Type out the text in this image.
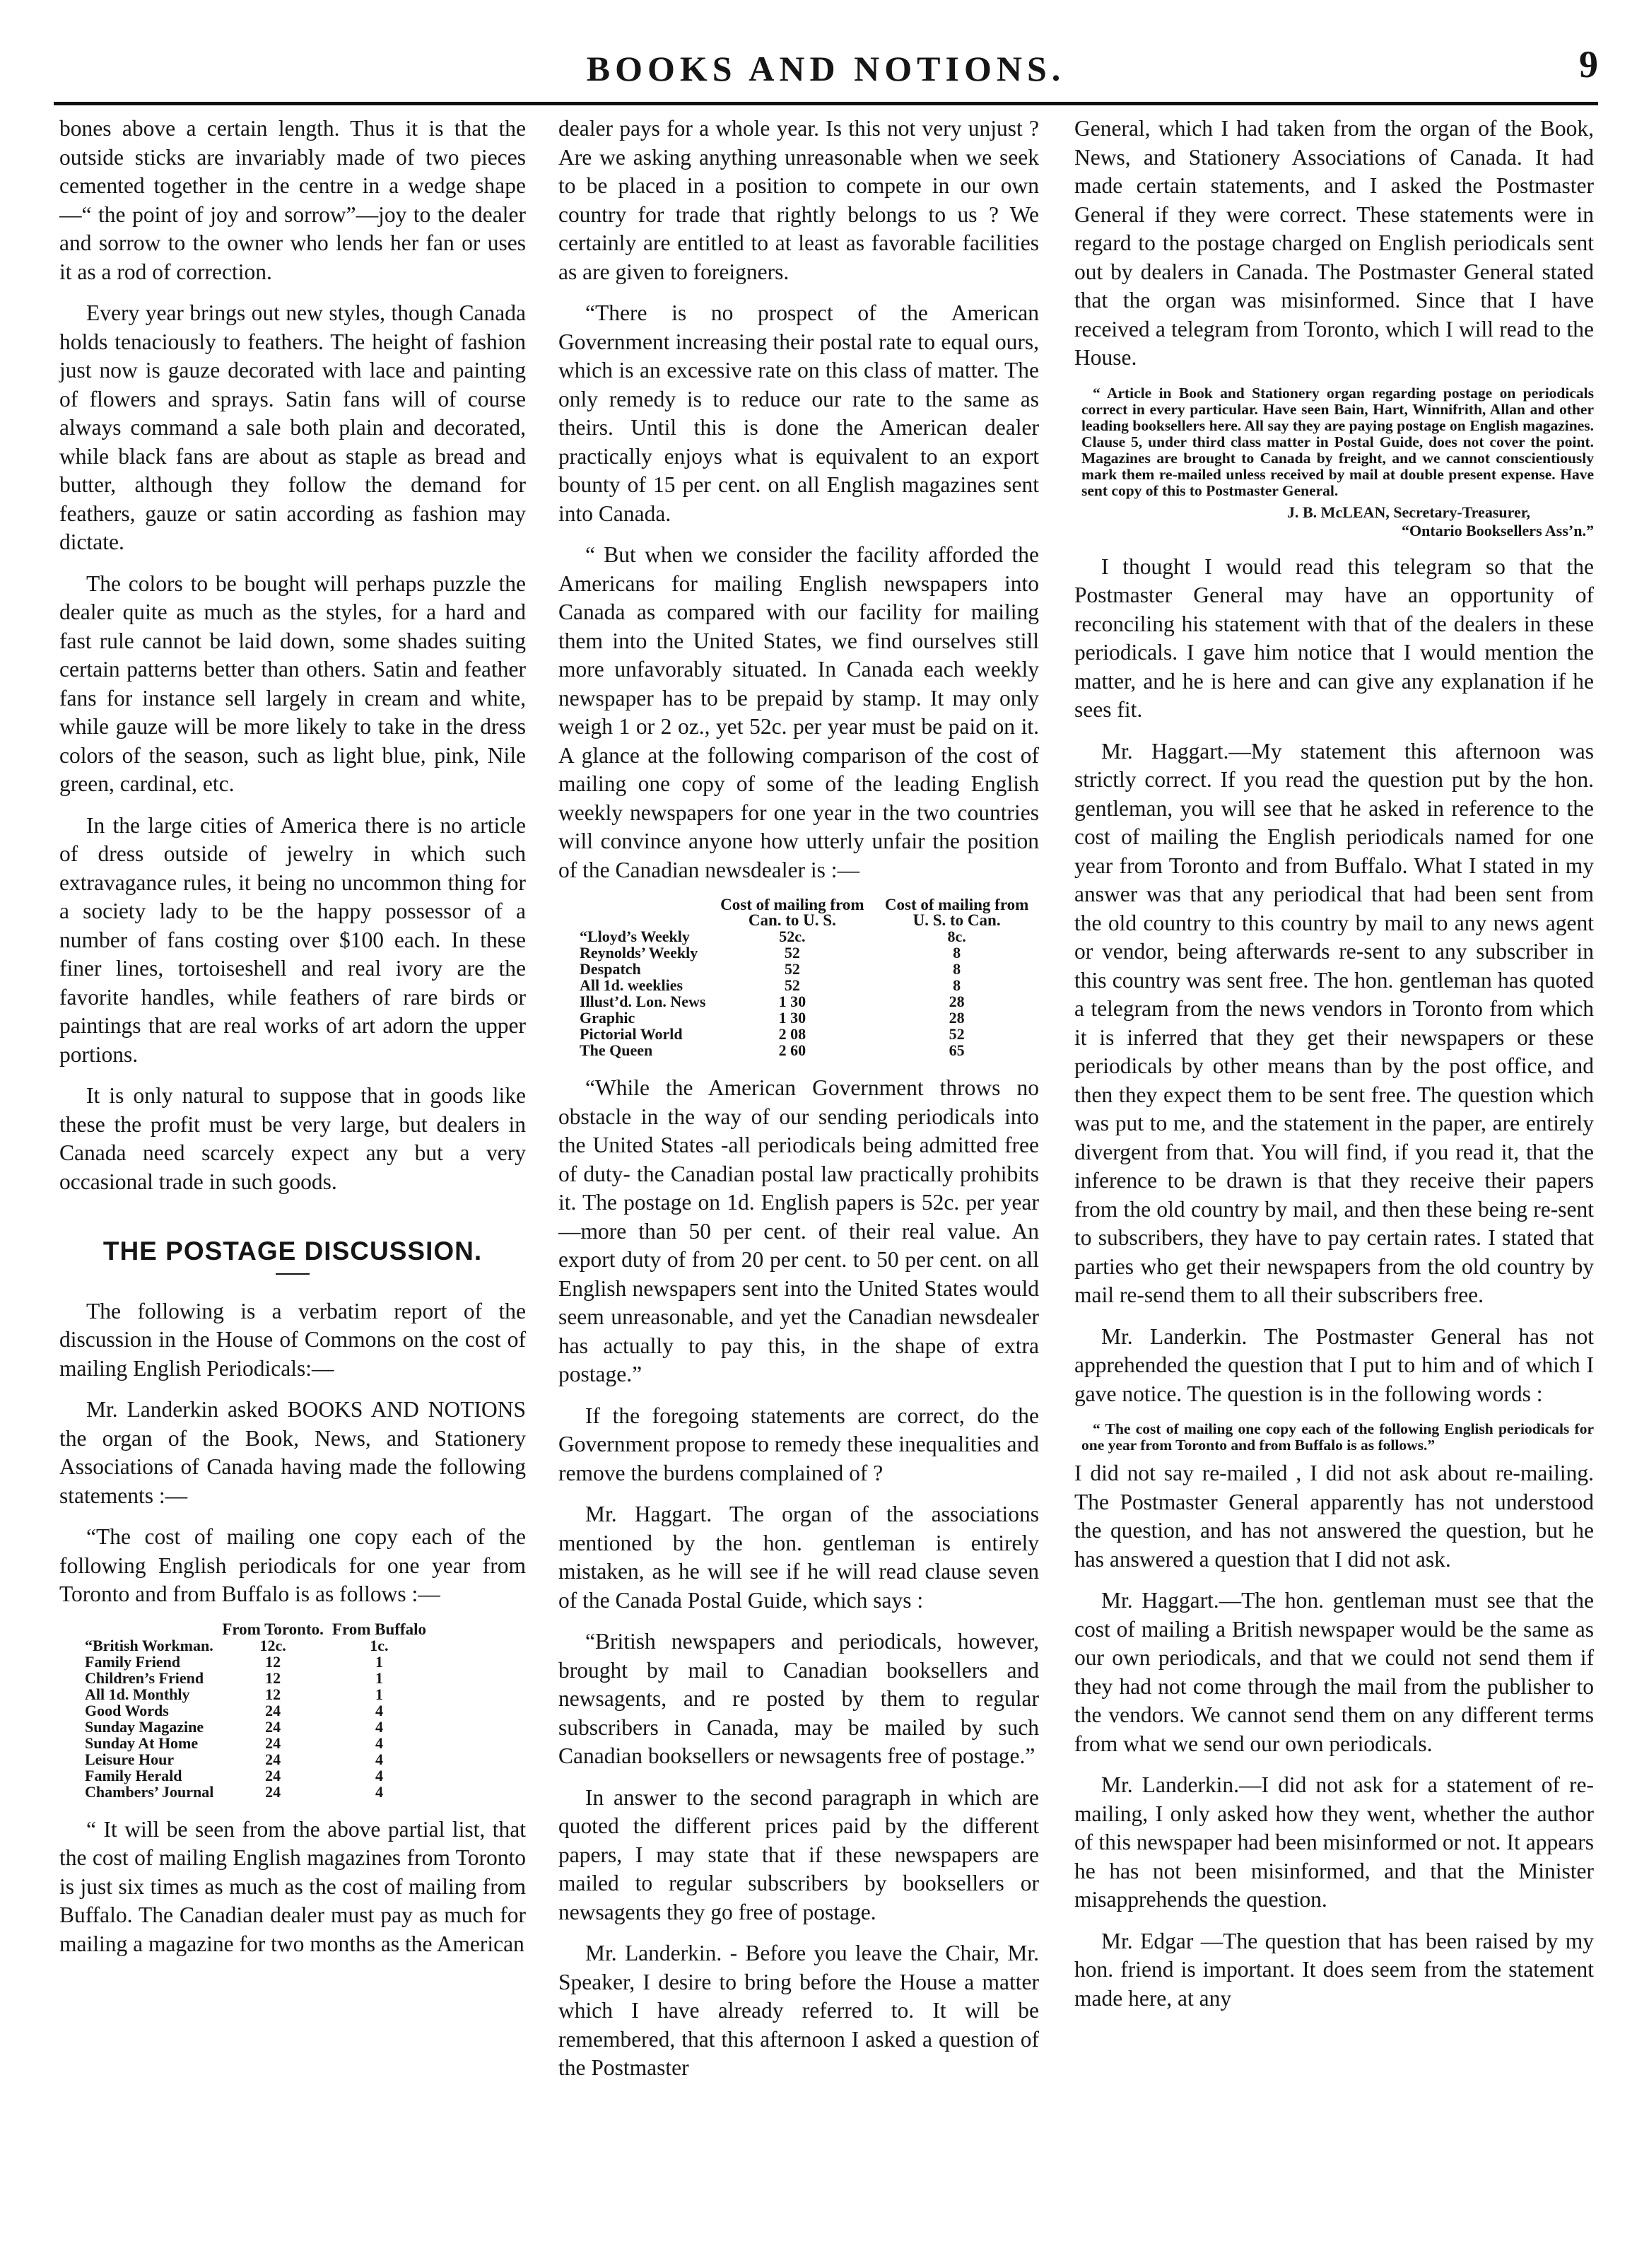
BOOKS AND NOTIONS.	9

bones above a certain length. Thus it is that the outside sticks are invariably made of two pieces cemented together in the centre in a wedge shape—“ the point of joy and sorrow”—joy to the dealer and sorrow to the owner who lends her fan or uses it as a rod of correction.

Every year brings out new styles, though Canada holds tenaciously to feathers. The height of fashion just now is gauze decorated with lace and painting of flowers and sprays. Satin fans will of course always command a sale both plain and decorated, while black fans are about as staple as bread and butter, although they follow the demand for feathers, gauze or satin according as fashion may dictate.

The colors to be bought will perhaps puzzle the dealer quite as much as the styles, for a hard and fast rule cannot be laid down, some shades suiting certain patterns better than others. Satin and feather fans for instance sell largely in cream and white, while gauze will be more likely to take in the dress colors of the season, such as light blue, pink, Nile green, cardinal, etc.

In the large cities of America there is no article of dress outside of jewelry in which such extravagance rules, it being no uncommon thing for a society lady to be the happy possessor of a number of fans costing over $100 each. In these finer lines, tortoiseshell and real ivory are the favorite handles, while feathers of rare birds or paintings that are real works of art adorn the upper portions.

It is only natural to suppose that in goods like these the profit must be very large, but dealers in Canada need scarcely expect any but a very occasional trade in such goods.

THE POSTAGE DISCUSSION.

The following is a verbatim report of the discussion in the House of Commons on the cost of mailing English Periodicals:—

Mr. Landerkin asked BOOKS AND NOTIONS the organ of the Book, News, and Stationery Associations of Canada having made the following statements :—

“The cost of mailing one copy each of the following English periodicals for one year from Toronto and from Buffalo is as follows :—

	From Toronto.	From Buffalo
“British Workman.	12c.	1c.
Family Friend	12	1
Children’s Friend	12	1
All 1d. Monthly	12	1
Good Words	24	4
Sunday Magazine	24	4
Sunday At Home	24	4
Leisure Hour	24	4
Family Herald	24	4
Chambers’ Journal	24	4

“ It will be seen from the above partial list, that the cost of mailing English magazines from Toronto is just six times as much as the cost of mailing from Buffalo. The Canadian dealer must pay as much for mailing a magazine for two months as the American

dealer pays for a whole year. Is this not very unjust ? Are we asking anything unreasonable when we seek to be placed in a position to compete in our own country for trade that rightly belongs to us ? We certainly are entitled to at least as favorable facilities as are given to foreigners.

“There is no prospect of the American Government increasing their postal rate to equal ours, which is an excessive rate on this class of matter. The only remedy is to reduce our rate to the same as theirs. Until this is done the American dealer practically enjoys what is equivalent to an export bounty of 15 per cent. on all English magazines sent into Canada.

“ But when we consider the facility afforded the Americans for mailing English newspapers into Canada as compared with our facility for mailing them into the United States, we find ourselves still more unfavorably situated. In Canada each weekly newspaper has to be prepaid by stamp. It may only weigh 1 or 2 oz., yet 52c. per year must be paid on it. A glance at the following comparison of the cost of mailing one copy of some of the leading English weekly newspapers for one year in the two countries will convince anyone how utterly unfair the position of the Canadian newsdealer is :—

	Cost of mailing from Can. to U. S.	Cost of mailing from U. S. to Can.
“Lloyd’s Weekly	52c.	8c.
Reynolds’ Weekly	52	8
Despatch	52	8
All 1d. weeklies	52	8
Illust’d. Lon. News	1 30	28
Graphic	1 30	28
Pictorial World	2 08	52
The Queen	2 60	65

“While the American Government throws no obstacle in the way of our sending periodicals into the United States -all periodicals being admitted free of duty- the Canadian postal law practically prohibits it. The postage on 1d. English papers is 52c. per year—more than 50 per cent. of their real value. An export duty of from 20 per cent. to 50 per cent. on all English newspapers sent into the United States would seem unreasonable, and yet the Canadian newsdealer has actually to pay this, in the shape of extra postage.”

If the foregoing statements are correct, do the Government propose to remedy these inequalities and remove the burdens complained of ?

Mr. Haggart. The organ of the associations mentioned by the hon. gentleman is entirely mistaken, as he will see if he will read clause seven of the Canada Postal Guide, which says :

“British newspapers and periodicals, however, brought by mail to Canadian booksellers and newsagents, and re posted by them to regular subscribers in Canada, may be mailed by such Canadian booksellers or newsagents free of postage.”

In answer to the second paragraph in which are quoted the different prices paid by the different papers, I may state that if these newspapers are mailed to regular subscribers by booksellers or newsagents they go free of postage.

Mr. Landerkin. - Before you leave the Chair, Mr. Speaker, I desire to bring before the House a matter which I have already referred to. It will be remembered, that this afternoon I asked a question of the Postmaster

General, which I had taken from the organ of the Book, News, and Stationery Associations of Canada. It had made certain statements, and I asked the Postmaster General if they were correct. These statements were in regard to the postage charged on English periodicals sent out by dealers in Canada. The Postmaster General stated that the organ was misinformed. Since that I have received a telegram from Toronto, which I will read to the House.

“ Article in Book and Stationery organ regarding postage on periodicals correct in every particular. Have seen Bain, Hart, Winnifrith, Allan and other leading booksellers here. All say they are paying postage on English magazines. Clause 5, under third class matter in Postal Guide, does not cover the point. Magazines are brought to Canada by freight, and we cannot conscientiously mark them re-mailed unless received by mail at double present expense. Have sent copy of this to Postmaster General.
J. B. McLEAN, Secretary-Treasurer,
“Ontario Booksellers Ass’n.”

I thought I would read this telegram so that the Postmaster General may have an opportunity of reconciling his statement with that of the dealers in these periodicals. I gave him notice that I would mention the matter, and he is here and can give any explanation if he sees fit.

Mr. Haggart.—My statement this afternoon was strictly correct. If you read the question put by the hon. gentleman, you will see that he asked in reference to the cost of mailing the English periodicals named for one year from Toronto and from Buffalo. What I stated in my answer was that any periodical that had been sent from the old country to this country by mail to any news agent or vendor, being afterwards re-sent to any subscriber in this country was sent free. The hon. gentleman has quoted a telegram from the news vendors in Toronto from which it is inferred that they get their newspapers or these periodicals by other means than by the post office, and then they expect them to be sent free. The question which was put to me, and the statement in the paper, are entirely divergent from that. You will find, if you read it, that the inference to be drawn is that they receive their papers from the old country by mail, and then these being re-sent to subscribers, they have to pay certain rates. I stated that parties who get their newspapers from the old country by mail re-send them to all their subscribers free.

Mr. Landerkin. The Postmaster General has not apprehended the question that I put to him and of which I gave notice. The question is in the following words :

“ The cost of mailing one copy each of the following English periodicals for one year from Toronto and from Buffalo is as follows.”

I did not say re-mailed , I did not ask about re-mailing. The Postmaster General apparently has not understood the question, and has not answered the question, but he has answered a question that I did not ask.

Mr. Haggart.—The hon. gentleman must see that the cost of mailing a British newspaper would be the same as our own periodicals, and that we could not send them if they had not come through the mail from the publisher to the vendors. We cannot send them on any different terms from what we send our own periodicals.

Mr. Landerkin.—I did not ask for a statement of re-mailing, I only asked how they went, whether the author of this newspaper had been misinformed or not. It appears he has not been misinformed, and that the Minister misapprehends the question.

Mr. Edgar —The question that has been raised by my hon. friend is important. It does seem from the statement made here, at any
